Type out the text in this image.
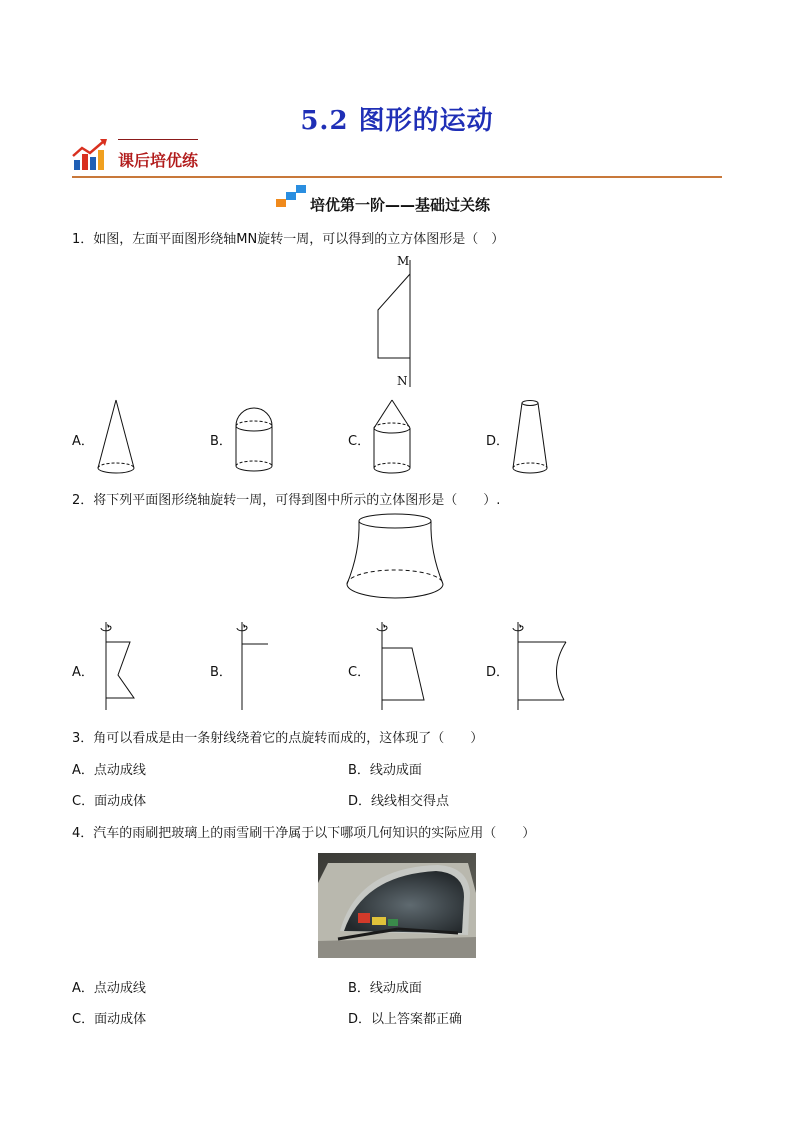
5.2 图形的运动
课后培优练
培优第一阶——基础过关练
1．如图，左面平面图形绕轴MN旋转一周，可以得到的立方体图形是（　）
M
N
A．	B．	C．	D．
2．将下列平面图形绕轴旋转一周，可得到图中所示的立体图形是（　　）.
A．	B．	C．	D．
3．角可以看成是由一条射线绕着它的点旋转而成的，这体现了（　　）
A．点动成线	B．线动成面
C．面动成体	D．线线相交得点
4．汽车的雨刷把玻璃上的雨雪刷干净属于以下哪项几何知识的实际应用（　　）
A．点动成线	B．线动成面
C．面动成体	D．以上答案都正确
